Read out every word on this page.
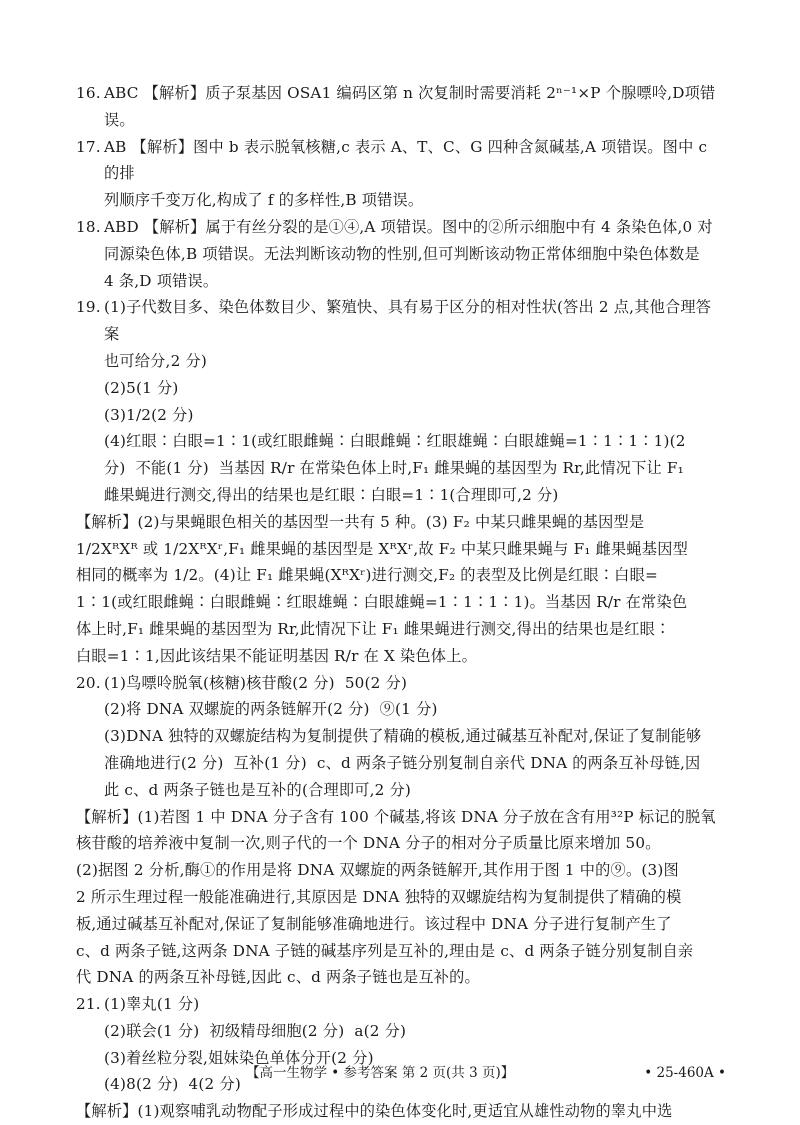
16. ABC 【解析】质子泵基因 OSA1 编码区第 n 次复制时需要消耗 2ⁿ⁻¹×P 个腺嘌呤,D项错
误。
17. AB 【解析】图中 b 表示脱氧核糖,c 表示 A、T、C、G 四种含氮碱基,A 项错误。图中 c 的排
列顺序千变万化,构成了 f 的多样性,B 项错误。
18. ABD 【解析】属于有丝分裂的是①④,A 项错误。图中的②所示细胞中有 4 条染色体,0 对
同源染色体,B 项错误。无法判断该动物的性别,但可判断该动物正常体细胞中染色体数是
4 条,D 项错误。
19. (1)子代数目多、染色体数目少、繁殖快、具有易于区分的相对性状(答出 2 点,其他合理答案
也可给分,2 分)
(2)5(1 分)
(3)1/2(2 分)
(4)红眼∶白眼=1∶1(或红眼雌蝇∶白眼雌蝇∶红眼雄蝇∶白眼雄蝇=1∶1∶1∶1)(2
分)  不能(1 分)  当基因 R/r 在常染色体上时,F₁ 雌果蝇的基因型为 Rr,此情况下让 F₁
雌果蝇进行测交,得出的结果也是红眼∶白眼=1∶1(合理即可,2 分)
【解析】(2)与果蝇眼色相关的基因型一共有 5 种。(3) F₂ 中某只雌果蝇的基因型是
1/2XᴿXᴿ 或 1/2XᴿXʳ,F₁ 雌果蝇的基因型是 XᴿXʳ,故 F₂ 中某只雌果蝇与 F₁ 雌果蝇基因型
相同的概率为 1/2。(4)让 F₁ 雌果蝇(XᴿXʳ)进行测交,F₂ 的表型及比例是红眼∶白眼=
1∶1(或红眼雌蝇∶白眼雌蝇∶红眼雄蝇∶白眼雄蝇=1∶1∶1∶1)。当基因 R/r 在常染色
体上时,F₁ 雌果蝇的基因型为 Rr,此情况下让 F₁ 雌果蝇进行测交,得出的结果也是红眼∶
白眼=1∶1,因此该结果不能证明基因 R/r 在 X 染色体上。
20. (1)鸟嘌呤脱氧(核糖)核苷酸(2 分)  50(2 分)
(2)将 DNA 双螺旋的两条链解开(2 分)  ⑨(1 分)
(3)DNA 独特的双螺旋结构为复制提供了精确的模板,通过碱基互补配对,保证了复制能够
准确地进行(2 分)  互补(1 分)  c、d 两条子链分别复制自亲代 DNA 的两条互补母链,因
此 c、d 两条子链也是互补的(合理即可,2 分)
【解析】(1)若图 1 中 DNA 分子含有 100 个碱基,将该 DNA 分子放在含有用³²P 标记的脱氧
核苷酸的培养液中复制一次,则子代的一个 DNA 分子的相对分子质量比原来增加 50。
(2)据图 2 分析,酶①的作用是将 DNA 双螺旋的两条链解开,其作用于图 1 中的⑨。(3)图
2 所示生理过程一般能准确进行,其原因是 DNA 独特的双螺旋结构为复制提供了精确的模
板,通过碱基互补配对,保证了复制能够准确地进行。该过程中 DNA 分子进行复制产生了
c、d 两条子链,这两条 DNA 子链的碱基序列是互补的,理由是 c、d 两条子链分别复制自亲
代 DNA 的两条互补母链,因此 c、d 两条子链也是互补的。
21. (1)睾丸(1 分)
(2)联会(1 分)  初级精母细胞(2 分)  a(2 分)
(3)着丝粒分裂,姐妹染色单体分开(2 分)
(4)8(2 分)  4(2 分)
【解析】(1)观察哺乳动物配子形成过程中的染色体变化时,更适宜从雄性动物的睾丸中选
【高一生物学 • 参考答案 第 2 页(共 3 页)】	• 25-460A •
